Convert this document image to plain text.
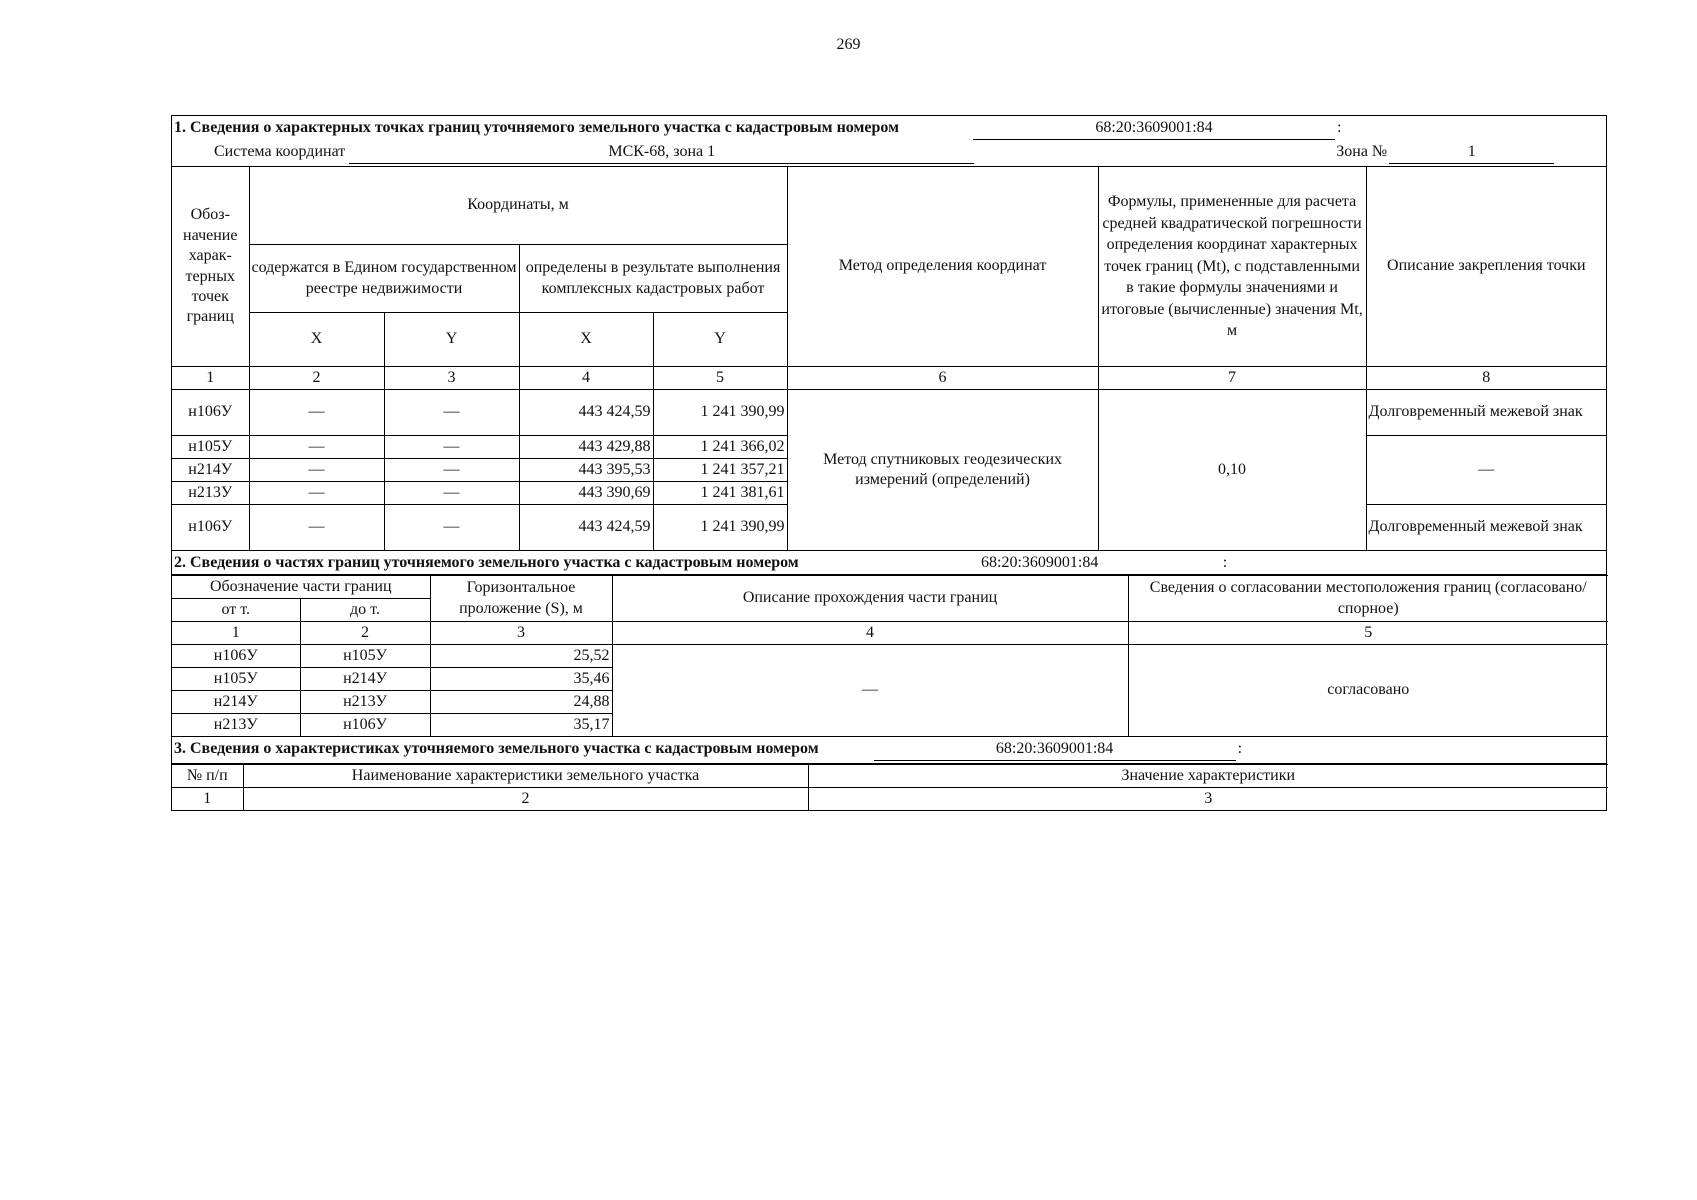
269
1. Сведения о характерных точках границ уточняемого земельного участка с кадастровым номером	68:20:3609001:84	:
Система координат	МСК-68, зона 1	Зона №	1
Обоз-начение харак-терных точек границ	Координаты, м				Метод определения координат	Формулы, примененные для расчета средней квадратической погрешности определения координат характерных точек границ (Mt), с подставленными в такие формулы значениями и итоговые (вычисленные) значения Mt, м	Описание закрепления точки
	содержатся в Едином государственном реестре недвижимости		определены в результате выполнения комплексных кадастровых работ				
	X	Y	X	Y			
1	2	3	4	5	6	7	8
н106У	—	—	443 424,59	1 241 390,99	Метод спутниковых геодезических измерений (определений)	0,10	Долговременный межевой знак
н105У	—	—	443 429,88	1 241 366,02			—
н214У	—	—	443 395,53	1 241 357,21			
н213У	—	—	443 390,69	1 241 381,61			
н106У	—	—	443 424,59	1 241 390,99			Долговременный межевой знак
2. Сведения о частях границ уточняемого земельного участка с кадастровым номером	68:20:3609001:84	:
Обозначение части границ		Горизонтальное проложение (S), м	Описание прохождения части границ	Сведения о согласовании местоположения границ (согласовано/спорное)
от т.	до т.			
1	2	3	4	5
н106У	н105У	25,52	—	согласовано
н105У	н214У	35,46		
н214У	н213У	24,88		
н213У	н106У	35,17		
3. Сведения о характеристиках уточняемого земельного участка с кадастровым номером	68:20:3609001:84	:
№ п/п	Наименование характеристики земельного участка	Значение характеристики
1	2	3
